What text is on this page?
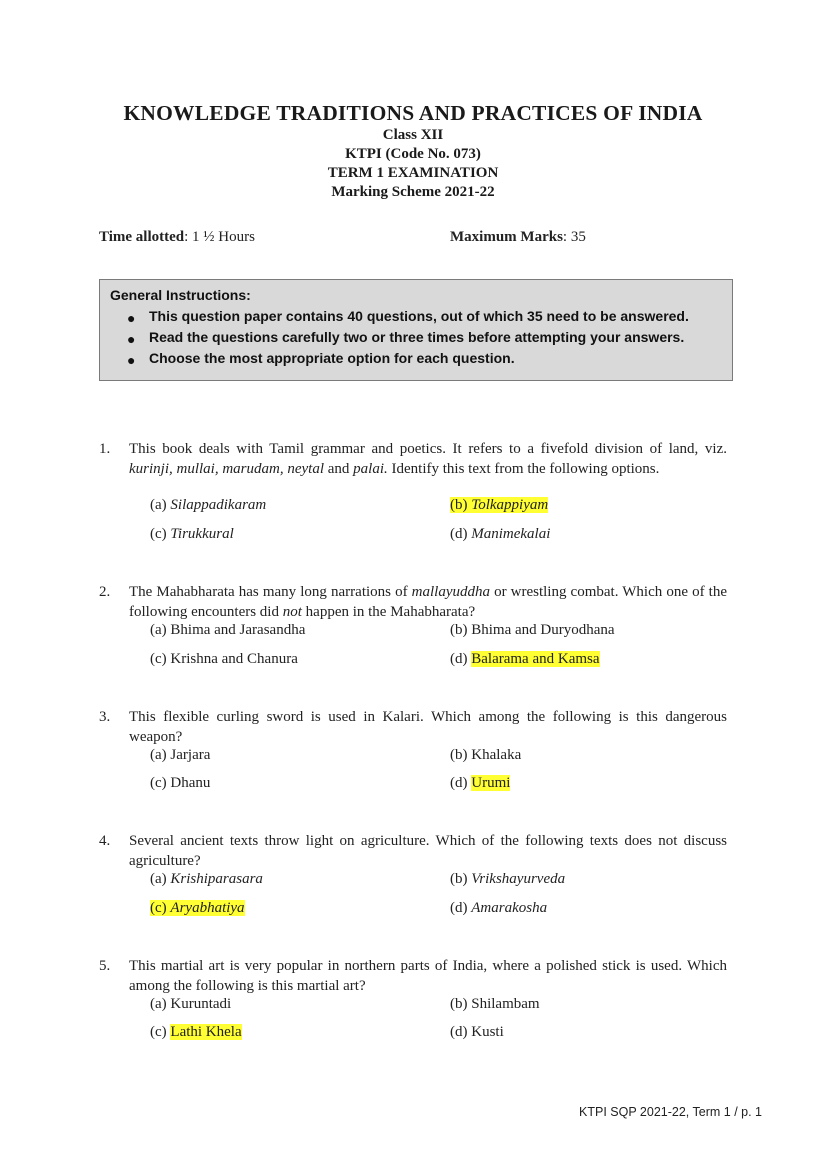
KNOWLEDGE TRADITIONS AND PRACTICES OF INDIA
Class XII
KTPI (Code No. 073)
TERM 1 EXAMINATION
Marking Scheme 2021-22
Time allotted: 1 ½ Hours	Maximum Marks: 35
General Instructions:
● This question paper contains 40 questions, out of which 35 need to be answered.
● Read the questions carefully two or three times before attempting your answers.
● Choose the most appropriate option for each question.
1. This book deals with Tamil grammar and poetics. It refers to a fivefold division of land, viz. kurinji, mullai, marudam, neytal and palai. Identify this text from the following options.
(a) Silappadikaram	(b) Tolkappiyam
(c) Tirukkural	(d) Manimekalai
2. The Mahabharata has many long narrations of mallayuddha or wrestling combat. Which one of the following encounters did not happen in the Mahabharata?
(a) Bhima and Jarasandha	(b) Bhima and Duryodhana
(c) Krishna and Chanura	(d) Balarama and Kamsa
3. This flexible curling sword is used in Kalari. Which among the following is this dangerous weapon?
(a) Jarjara	(b) Khalaka
(c) Dhanu	(d) Urumi
4. Several ancient texts throw light on agriculture. Which of the following texts does not discuss agriculture?
(a) Krishiparasara	(b) Vrikshayurveda
(c) Aryabhatiya	(d) Amarakosha
5. This martial art is very popular in northern parts of India, where a polished stick is used. Which among the following is this martial art?
(a) Kuruntadi	(b) Shilambam
(c) Lathi Khela	(d) Kusti
KTPI SQP 2021-22, Term 1 / p. 1
